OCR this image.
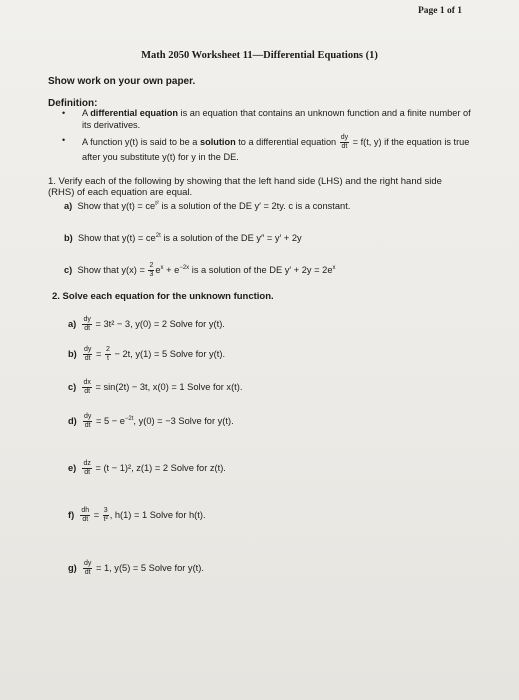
Page 1 of 1
Math 2050 Worksheet 11—Differential Equations (1)
Show work on your own paper.
Definition:
• A differential equation is an equation that contains an unknown function and a finite number of its derivatives.
• A function y(t) is said to be a solution to a differential equation $\frac{dy}{dt} = f(t$, y) if the equation is true after you substitute y(t) for y in the DE.
1. Verify each of the following by showing that the left hand side (LHS) and the right hand side (RHS) of each equation are equal.
a) Show that $y(t) = ce^{t^2}$ is a solution of the DE y′ = 2ty. c is a constant.
b) Show that $y(t) = ce^{2t}$ is a solution of the DE y″ = y′ + 2y
c) Show that $y(x) = \frac{2}{3} e^x + e^{-2x}$ is a solution of the DE $y' + 2y = 2e^x$
2. Solve each equation for the unknown function.
$a) \frac{dy}{dt} = 3t^2 - 3$, y(0) = 2 Solve for y(t).
$b) \frac{dy}{dt} = \frac{2}{t} - 2t$, y(1) = 5 Solve for y(t).
$c) \frac{dx}{dt} = \sin(2t) - 3t$, x(0) = 1 Solve for x(t).
$d) \frac{dy}{dt} = 5 - e^{-2t}$, y(0) = −3 Solve for y(t).
$e) \frac{dz}{dt} = (t - 1)^2$, z(1) = 2 Solve for z(t).
$f) \frac{dh}{dt} = \frac{3}{\text{t²}}$ , h(1) = 1 Solve for h(t).
$g) \frac{dy}{dt} = 1$, y(5) = 5 Solve for y(t).
